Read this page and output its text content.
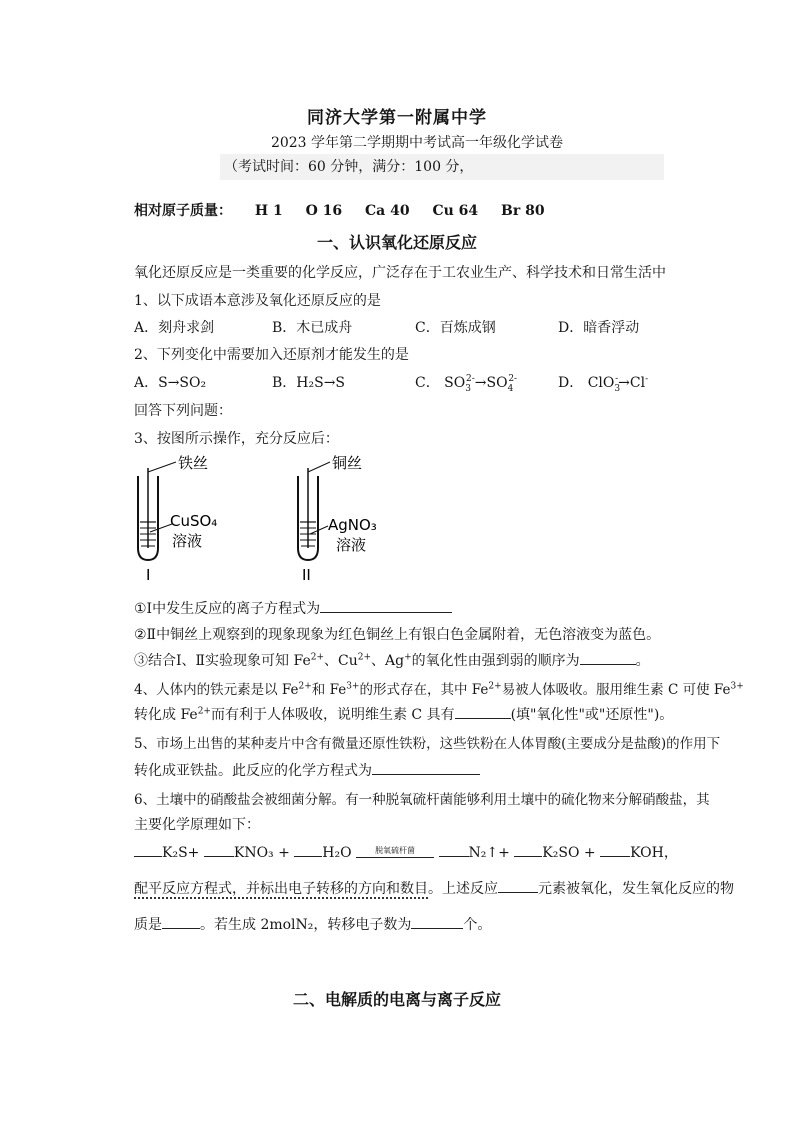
同济大学第一附属中学
2023 学年第二学期期中考试高一年级化学试卷
（考试时间：60 分钟，满分：100 分，
相对原子质量： H 1 O 16 Ca 40 Cu 64 Br 80
一、认识氧化还原反应
氧化还原反应是一类重要的化学反应，广泛存在于工农业生产、科学技术和日常生活中
1、以下成语本意涉及氧化还原反应的是
A．刻舟求剑	B．木已成舟	C．百炼成钢	D．暗香浮动
2、下列变化中需要加入还原剂才能发生的是
A．S→SO₂	B．H₂S→S	C． $SO_3^{2-}\to SO_4^{2-}$	D． ClO$_3$-→Cl-
回答下列问题：
3、按图所示操作，充分反应后：
铁丝
CuSO₄
溶液
I
铜丝
AgNO₃
溶液
II
①Ⅰ中发生反应的离子方程式为
②Ⅱ中铜丝上观察到的现象现象为红色铜丝上有银白色金属附着，无色溶液变为蓝色。
③结合Ⅰ、Ⅱ实验现象可知 $Fe^{2+}$、$Cu^{2+}$、Ag+的氧化性由强到弱的顺序为	。
4、人体内的铁元素是以 $Fe^{2+}$和 $Fe^{3+}$的形式存在，其中 $Fe^{2+}$易被人体吸收。服用维生素 C 可使 $Fe^{3+}$
转化成 $Fe^{2+}$而有利于人体吸收，说明维生素 C 具有	(填"氧化性"或"还原性")。
5、市场上出售的某种麦片中含有微量还原性铁粉，这些铁粉在人体胃酸(主要成分是盐酸)的作用下
转化成亚铁盐。此反应的化学方程式为
6、土壤中的硝酸盐会被细菌分解。有一种脱氧硫杆菌能够利用土壤中的硫化物来分解硝酸盐，其
主要化学原理如下：
K₂S+ KNO₃ + H₂O	脱氧硫杆菌	N₂↑+ K₂SO + KOH，
配平反应方程式，并标出电子转移的方向和数目。上述反应	元素被氧化，发生氧化反应的物
质是	。若生成 2molN₂，转移电子数为	个。
二、电解质的电离与离子反应
